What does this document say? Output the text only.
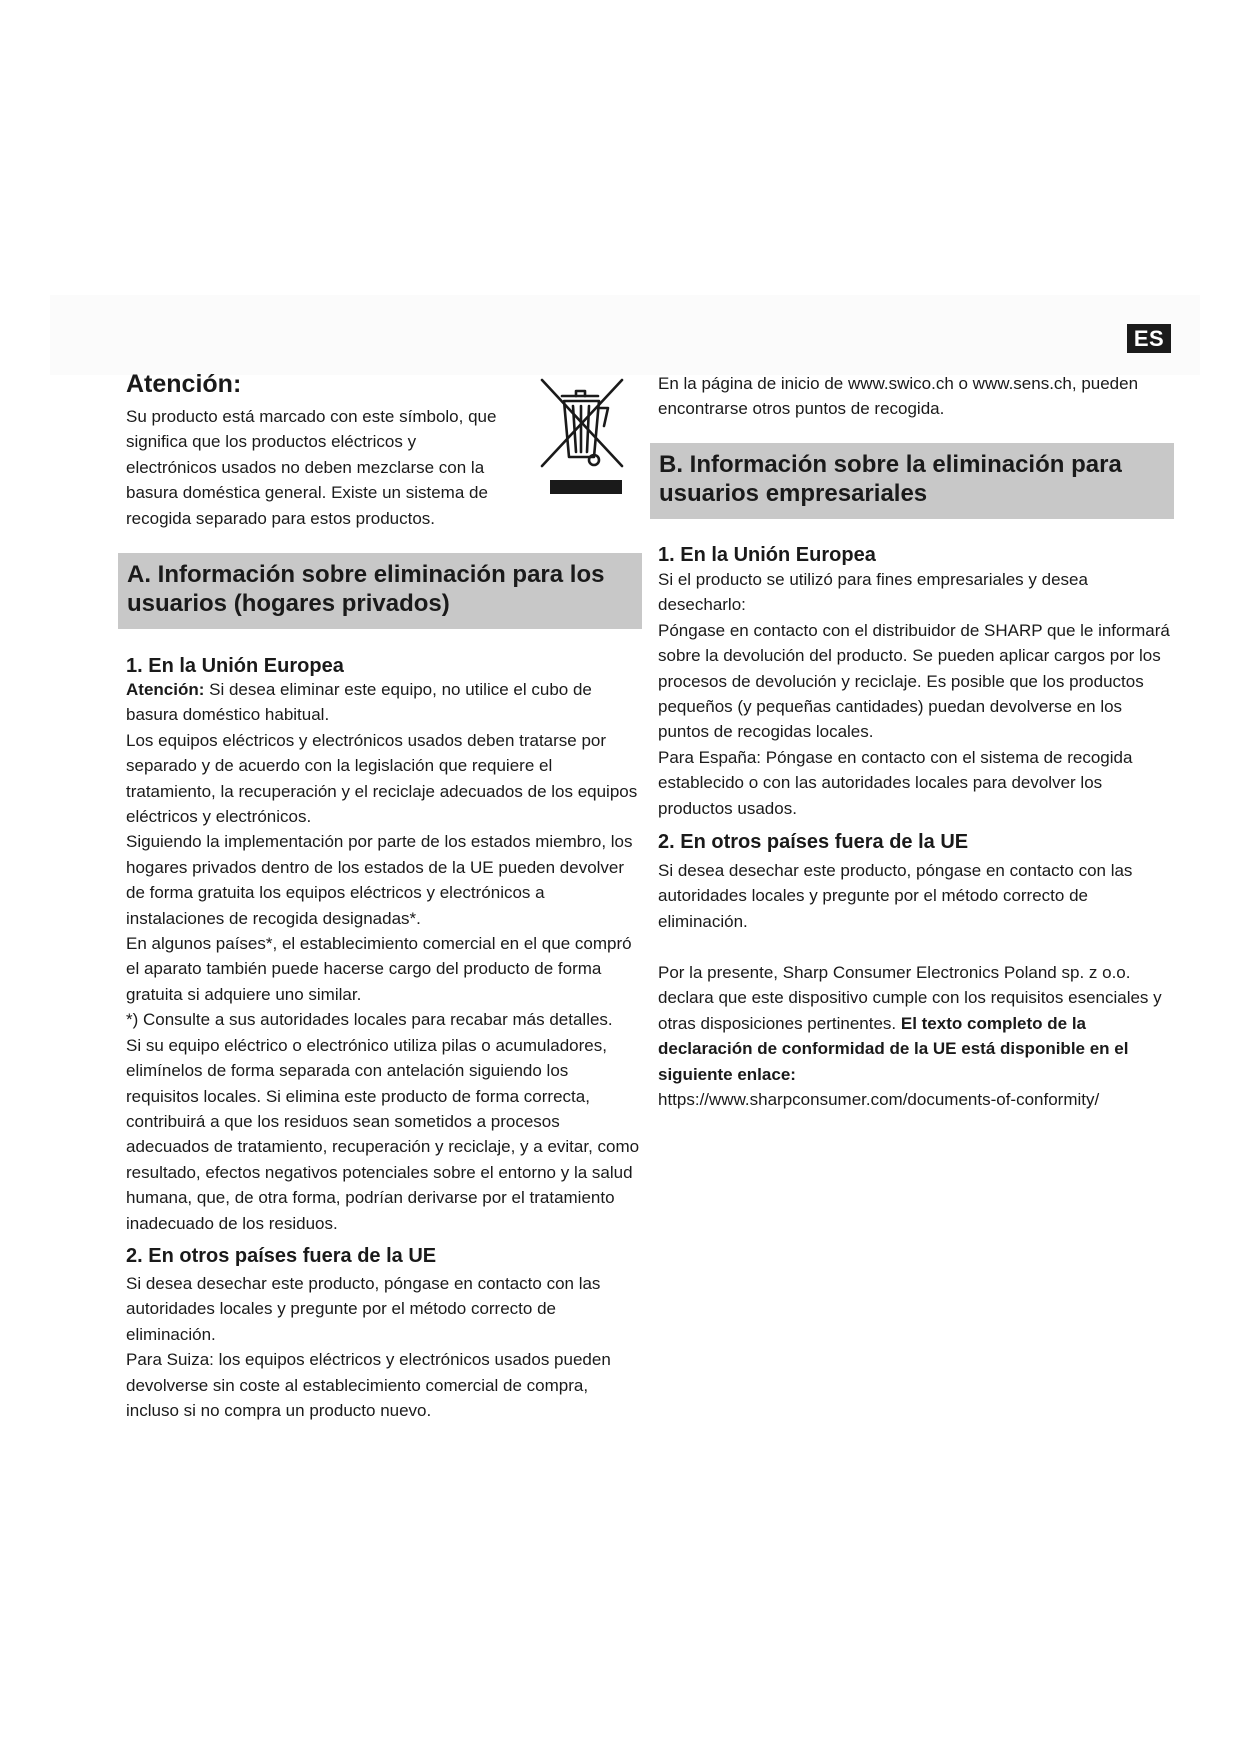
ES
Atención:

Su producto está marcado con este símbolo, que significa que los productos eléctricos y electrónicos usados no deben mezclarse con la basura doméstica general. Existe un sistema de recogida separado para estos productos.

A. Información sobre eliminación para los usuarios (hogares privados)
1. En la Unión Europea

Atención: Si desea eliminar este equipo, no utilice el cubo de basura doméstico habitual.

Los equipos eléctricos y electrónicos usados deben tratarse por separado y de acuerdo con la legislación que requiere el tratamiento, la recuperación y el reciclaje adecuados de los equipos eléctricos y electrónicos.

Siguiendo la implementación por parte de los estados miembro, los hogares privados dentro de los estados de la UE pueden devolver de forma gratuita los equipos eléctricos y electrónicos a instalaciones de recogida designadas*.

En algunos países*, el establecimiento comercial en el que compró el aparato también puede hacerse cargo del producto de forma gratuita si adquiere uno similar.

*) Consulte a sus autoridades locales para recabar más detalles.

Si su equipo eléctrico o electrónico utiliza pilas o acumuladores, elimínelos de forma separada con antelación siguiendo los requisitos locales. Si elimina este producto de forma correcta, contribuirá a que los residuos sean sometidos a procesos adecuados de tratamiento, recuperación y reciclaje, y a evitar, como resultado, efectos negativos potenciales sobre el entorno y la salud humana, que, de otra forma, podrían derivarse por el tratamiento inadecuado de los residuos.

2. En otros países fuera de la UE

Si desea desechar este producto, póngase en contacto con las autoridades locales y pregunte por el método correcto de eliminación.

Para Suiza: los equipos eléctricos y electrónicos usados pueden devolverse sin coste al establecimiento comercial de compra, incluso si no compra un producto nuevo.

En la página de inicio de www.swico.ch o www.sens.ch, pueden encontrarse otros puntos de recogida.

B. Información sobre la eliminación para usuarios empresariales
1. En la Unión Europea

Si el producto se utilizó para fines empresariales y desea desecharlo:

Póngase en contacto con el distribuidor de SHARP que le informará sobre la devolución del producto. Se pueden aplicar cargos por los procesos de devolución y reciclaje. Es posible que los productos pequeños (y pequeñas cantidades) puedan devolverse en los puntos de recogidas locales.

Para España: Póngase en contacto con el sistema de recogida establecido o con las autoridades locales para devolver los productos usados.

2. En otros países fuera de la UE

Si desea desechar este producto, póngase en contacto con las autoridades locales y pregunte por el método correcto de eliminación.

Por la presente, Sharp Consumer Electronics Poland sp. z o.o. declara que este dispositivo cumple con los requisitos esenciales y otras disposiciones pertinentes. El texto completo de la declaración de conformidad de la UE está disponible en el siguiente enlace:
https://www.sharpconsumer.com/documents-of-conformity/
